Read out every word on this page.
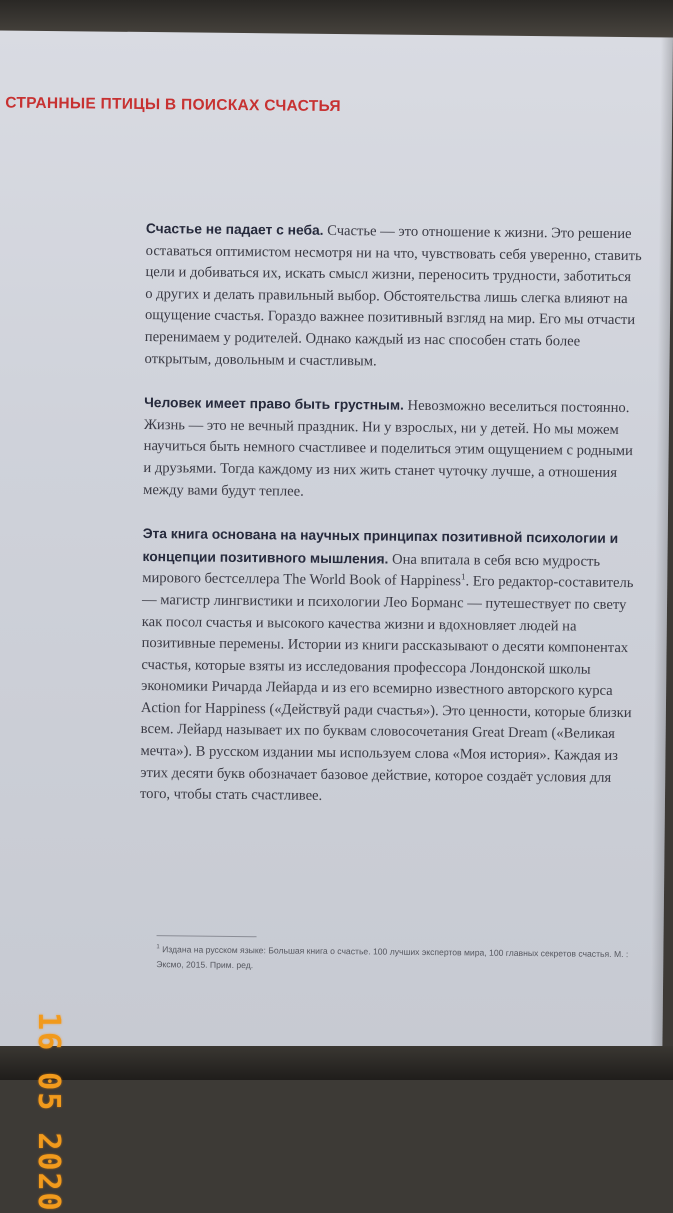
СТРАННЫЕ ПТИЦЫ В ПОИСКАХ СЧАСТЬЯ

Счастье не падает с неба. Счастье — это отношение к жизни. Это решение оставаться оптимистом несмотря ни на что, чувствовать себя уверенно, ставить цели и добиваться их, искать смысл жизни, переносить трудности, заботиться о других и делать правильный выбор. Обстоятельства лишь слегка влияют на ощущение счастья. Гораздо важнее позитивный взгляд на мир. Его мы отчасти перенимаем у родителей. Однако каждый из нас способен стать более открытым, довольным и счастливым.

Человек имеет право быть грустным. Невозможно веселиться постоянно. Жизнь — это не вечный праздник. Ни у взрослых, ни у детей. Но мы можем научиться быть немного счастливее и поделиться этим ощущением с родными и друзьями. Тогда каждому из них жить станет чуточку лучше, а отношения между вами будут теплее.

Эта книга основана на научных принципах позитивной психологии и концепции позитивного мышления. Она впитала в себя всю мудрость мирового бестселлера The World Book of Happiness$^1$. Его редактор-составитель — магистр лингвистики и психологии Лео Борманс — путешествует по свету как посол счастья и высокого качества жизни и вдохновляет людей на позитивные перемены. Истории из книги рассказывают о десяти компонентах счастья, которые взяты из исследования профессора Лондонской школы экономики Ричарда Лейарда и из его всемирно известного авторского курса Action for Happiness («Действуй ради счастья»). Это ценности, которые близки всем. Лейард называет их по буквам словосочетания Great Dream («Великая мечта»). В русском издании мы используем слова «Моя история». Каждая из этих десяти букв обозначает базовое действие, которое создаёт условия для того, чтобы стать счастливее.

$^1$ Издана на русском языке: Большая книга о счастье. 100 лучших экспертов мира, 100 главных секретов счастья. М. : Эксмо, 2015. Прим. ред.
16 05 2020
